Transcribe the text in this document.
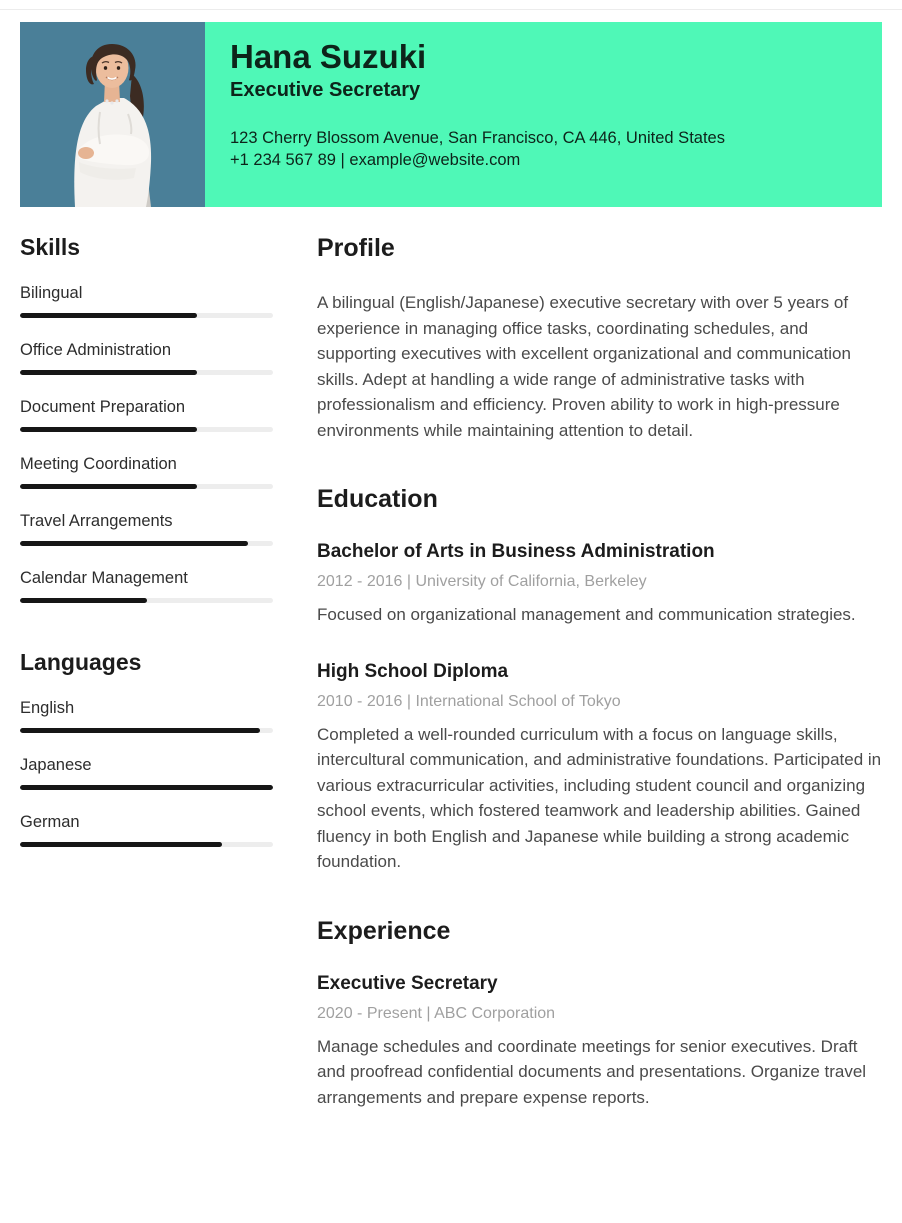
Hana Suzuki

Executive Secretary

123 Cherry Blossom Avenue, San Francisco, CA 446, United States

+1 234 567 89 | example@website.com

Skills
Bilingual
Office Administration
Document Preparation
Meeting Coordination
Travel Arrangements
Calendar Management
Languages
English
Japanese
German
Profile

A bilingual (English/Japanese) executive secretary with over 5 years of experience in managing office tasks, coordinating schedules, and supporting executives with excellent organizational and communication skills. Adept at handling a wide range of administrative tasks with professionalism and efficiency. Proven ability to work in high-pressure environments while maintaining attention to detail.

Education
Bachelor of Arts in Business Administration

2012 - 2016 | University of California, Berkeley

Focused on organizational management and communication strategies.

High School Diploma

2010 - 2016 | International School of Tokyo

Completed a well-rounded curriculum with a focus on language skills, intercultural communication, and administrative foundations. Participated in various extracurricular activities, including student council and organizing school events, which fostered teamwork and leadership abilities. Gained fluency in both English and Japanese while building a strong academic foundation.

Experience
Executive Secretary

2020 - Present | ABC Corporation

Manage schedules and coordinate meetings for senior executives. Draft and proofread confidential documents and presentations. Organize travel arrangements and prepare expense reports.
